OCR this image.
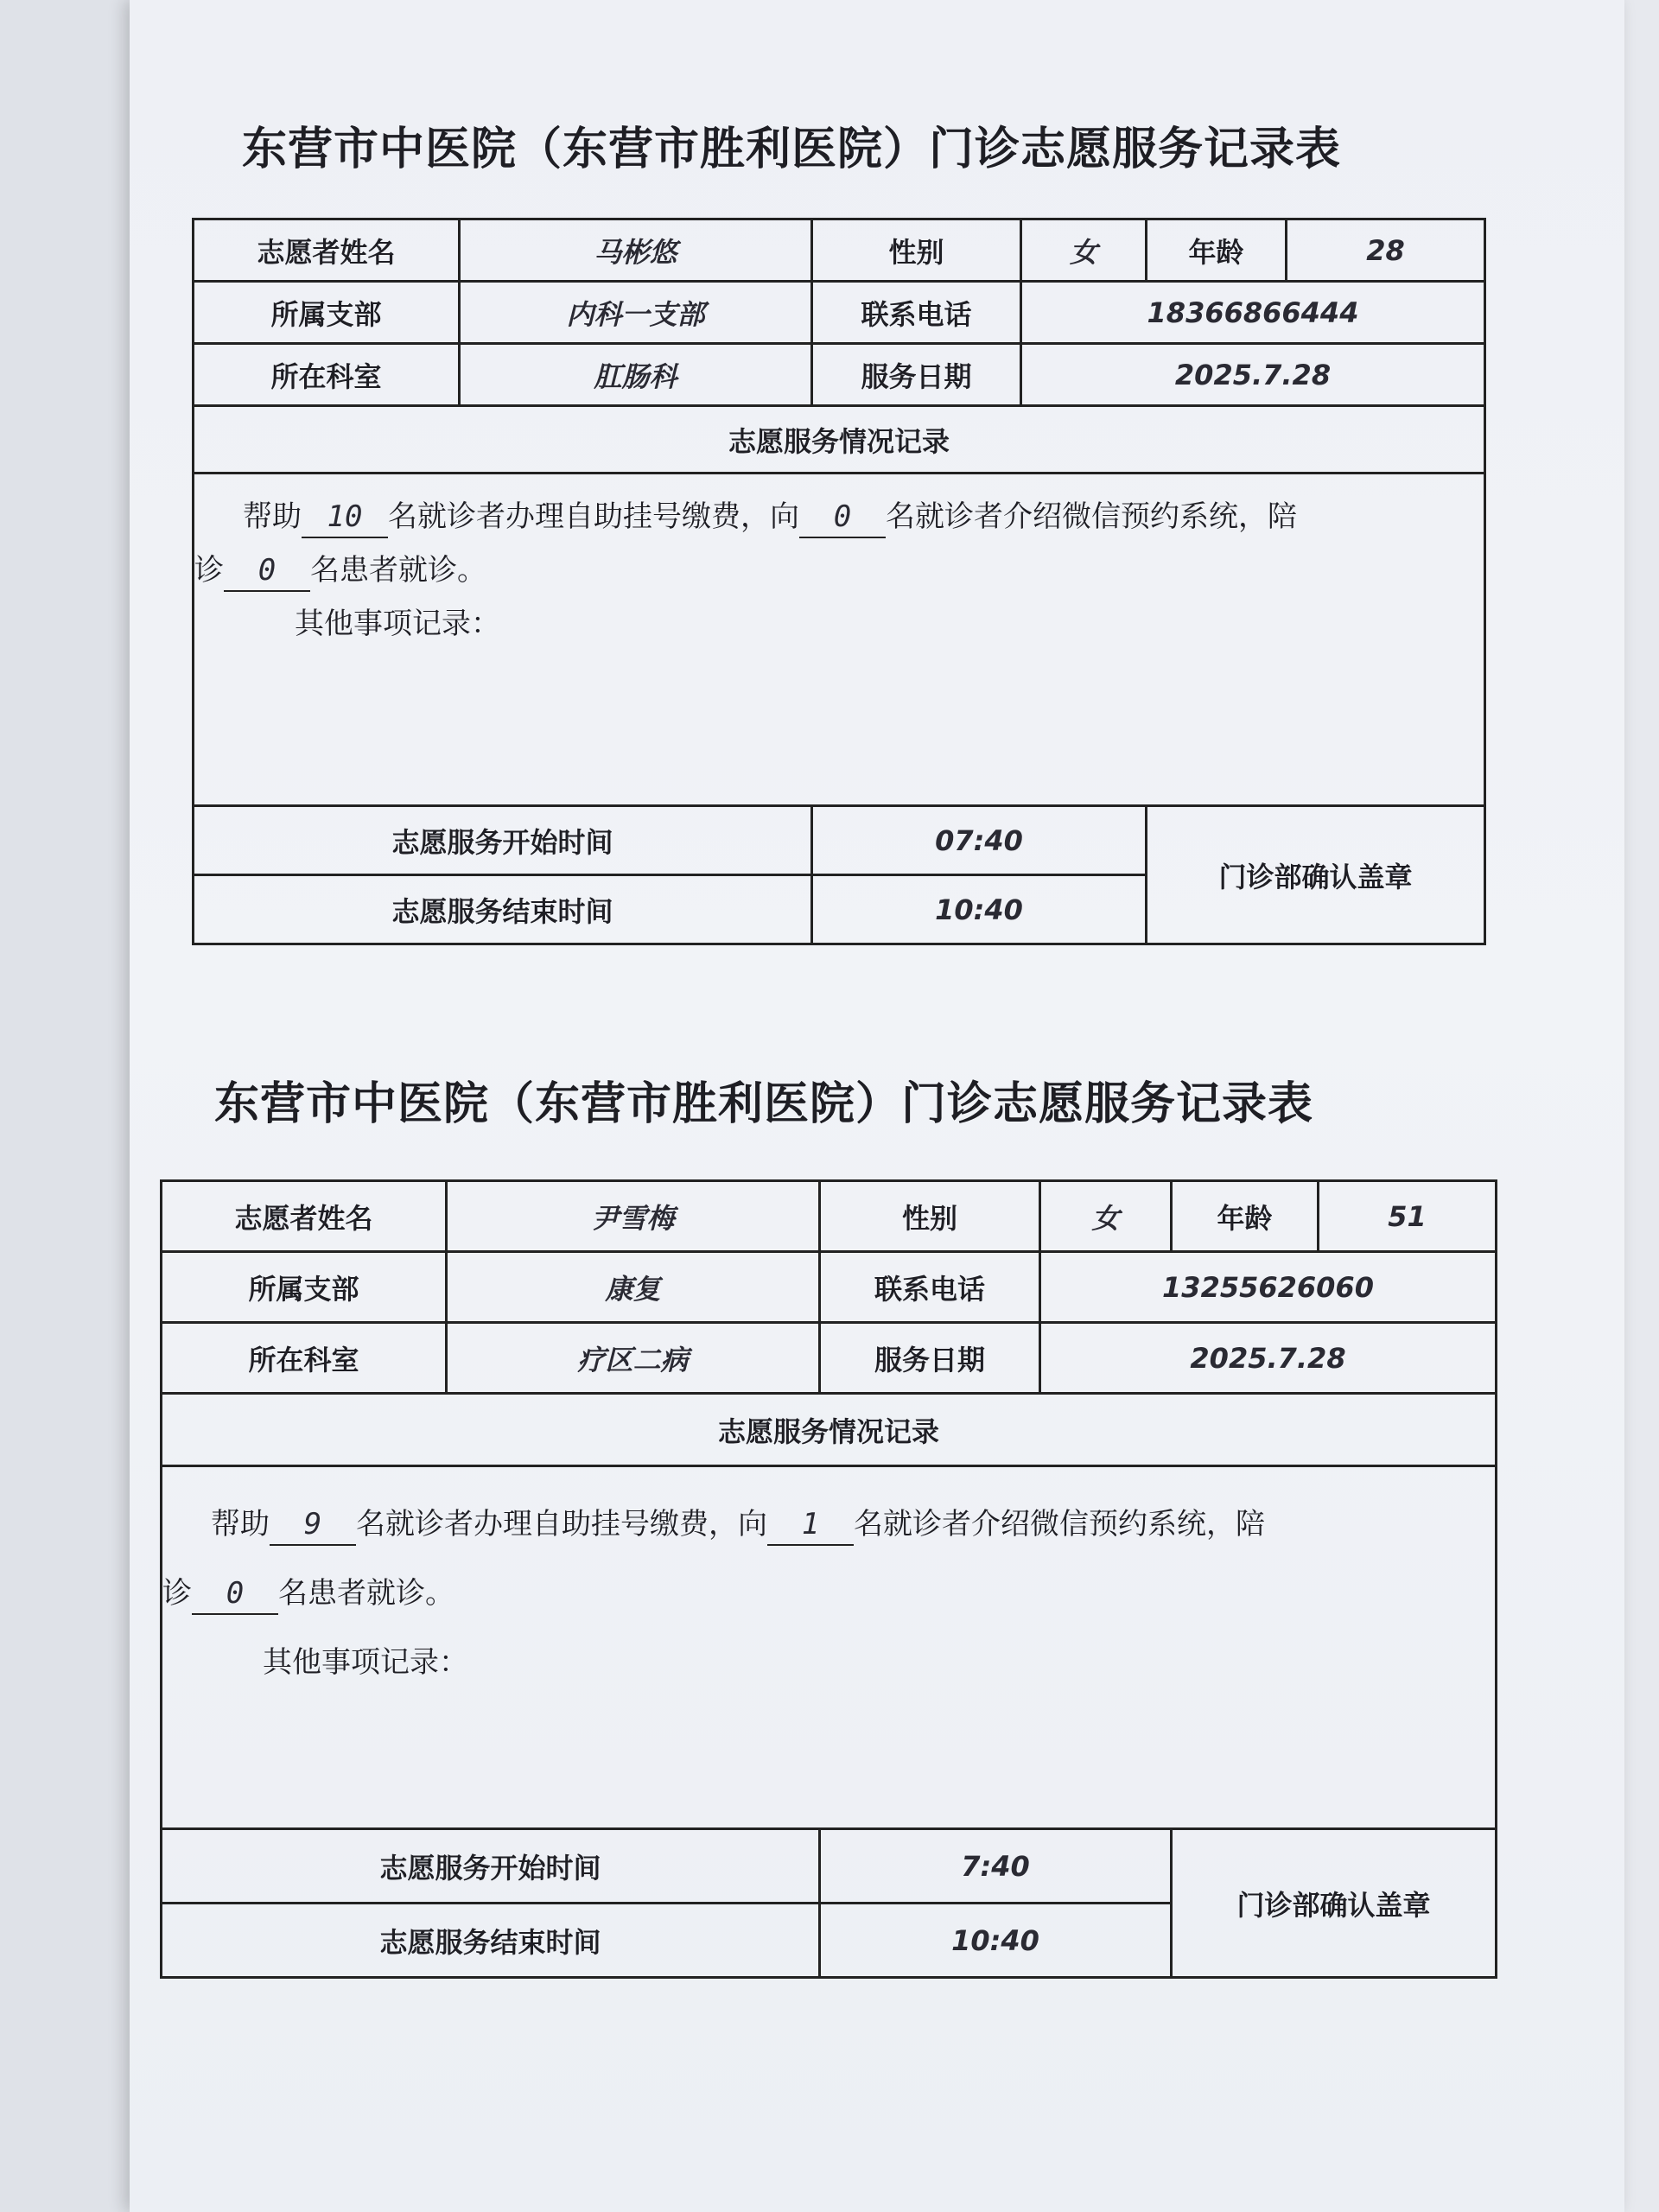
东营市中医院（东营市胜利医院）门诊志愿服务记录表
志愿者姓名	马彬悠	性别	女	年龄	28
所属支部	内科一支部	联系电话	18366866444		
所在科室	肛肠科	服务日期	2025.7.28		
志愿服务情况记录					
帮助 10 名就诊者办理自助挂号缴费，向 0 名就诊者介绍微信预约系统，陪
诊 0 名患者就诊。
其他事项记录：					

志愿服务开始时间		07:40		门诊部确认盖章	
志愿服务结束时间		10:40			
东营市中医院（东营市胜利医院）门诊志愿服务记录表
志愿者姓名	尹雪梅	性别	女	年龄	51
所属支部	康复	联系电话	13255626060		
所在科室	疗区二病	服务日期	2025.7.28		
志愿服务情况记录					
帮助 9 名就诊者办理自助挂号缴费，向 1 名就诊者介绍微信预约系统，陪
诊 0 名患者就诊。
其他事项记录：					

志愿服务开始时间		7:40		门诊部确认盖章	
志愿服务结束时间		10:40			
